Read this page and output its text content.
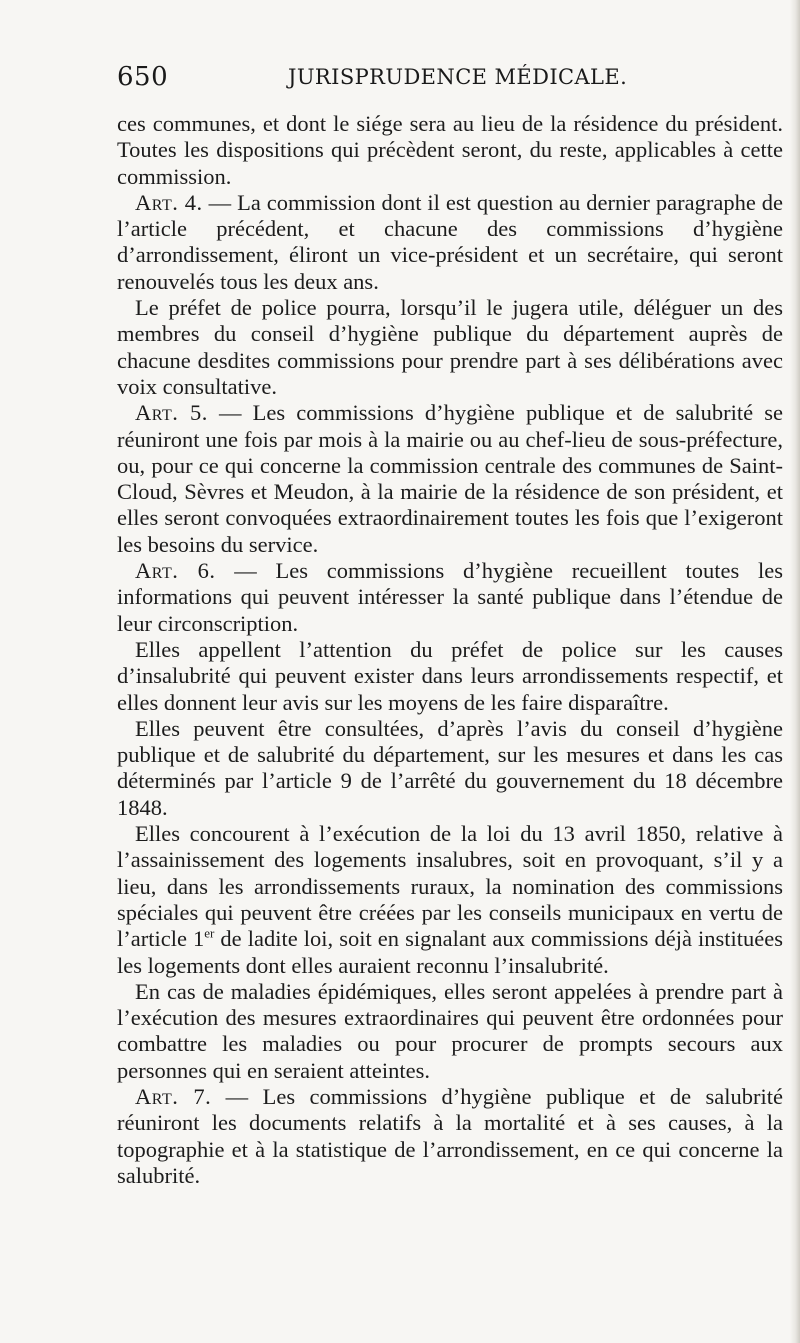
650	JURISPRUDENCE MÉDICALE.

ces communes, et dont le siége sera au lieu de la résidence du président. Toutes les dispositions qui précèdent seront, du reste, applicables à cette commission.

Art. 4. — La commission dont il est question au dernier paragraphe de l’article précédent, et chacune des commissions d’hygiène d’arrondissement, éliront un vice-président et un secrétaire, qui seront renouvelés tous les deux ans.

Le préfet de police pourra, lorsqu’il le jugera utile, déléguer un des membres du conseil d’hygiène publique du département auprès de chacune desdites commissions pour prendre part à ses délibérations avec voix consultative.

Art. 5. — Les commissions d’hygiène publique et de salubrité se réuniront une fois par mois à la mairie ou au chef-lieu de sous-préfecture, ou, pour ce qui concerne la commission centrale des communes de Saint-Cloud, Sèvres et Meudon, à la mairie de la résidence de son président, et elles seront convoquées extraordinairement toutes les fois que l’exigeront les besoins du service.

Art. 6. — Les commissions d’hygiène recueillent toutes les informations qui peuvent intéresser la santé publique dans l’étendue de leur circonscription.

Elles appellent l’attention du préfet de police sur les causes d’insalubrité qui peuvent exister dans leurs arrondissements respectif, et elles donnent leur avis sur les moyens de les faire disparaître.

Elles peuvent être consultées, d’après l’avis du conseil d’hygiène publique et de salubrité du département, sur les mesures et dans les cas déterminés par l’article 9 de l’arrêté du gouvernement du 18 décembre 1848.

Elles concourent à l’exécution de la loi du 13 avril 1850, relative à l’assainissement des logements insalubres, soit en provoquant, s’il y a lieu, dans les arrondissements ruraux, la nomination des commissions spéciales qui peuvent être créées par les conseils municipaux en vertu de l’article 1er de ladite loi, soit en signalant aux commissions déjà instituées les logements dont elles auraient reconnu l’insalubrité.

En cas de maladies épidémiques, elles seront appelées à prendre part à l’exécution des mesures extraordinaires qui peuvent être ordonnées pour combattre les maladies ou pour procurer de prompts secours aux personnes qui en seraient atteintes.

Art. 7. — Les commissions d’hygiène publique et de salubrité réuniront les documents relatifs à la mortalité et à ses causes, à la topographie et à la statistique de l’arrondissement, en ce qui concerne la salubrité.
